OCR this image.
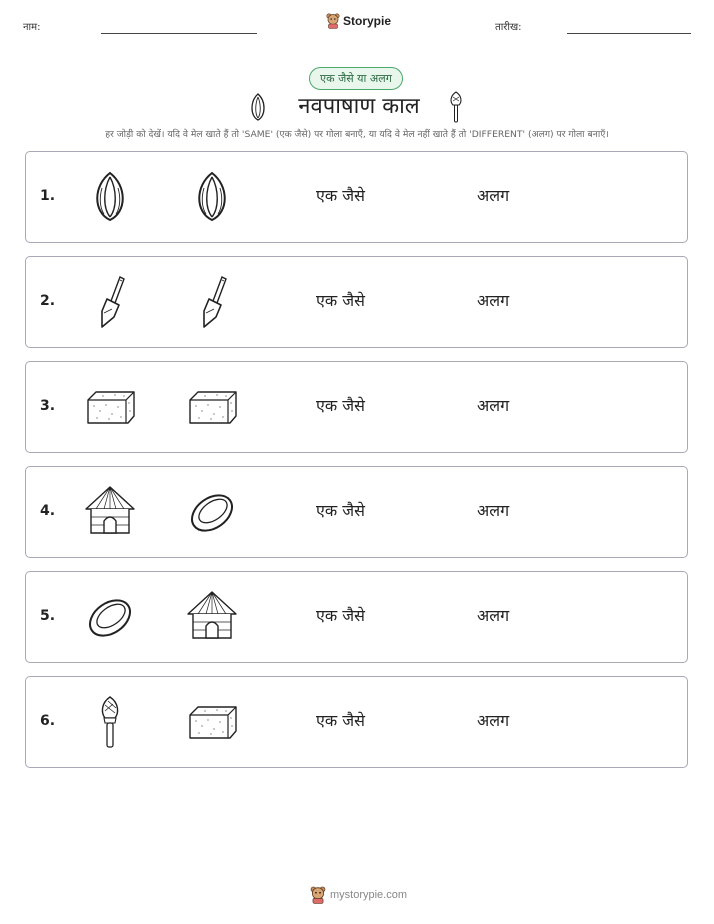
नाम:	Storypie	तारीख:
एक जैसे या अलग
नवपाषाण काल
हर जोड़ी को देखें। यदि वे मेल खाते हैं तो 'SAME' (एक जैसे) पर गोला बनाएँ, या यदि वे मेल नहीं खाते हैं तो 'DIFFERENT' (अलग) पर गोला बनाएँ।
1.	एक जैसे	अलग
2.	एक जैसे	अलग
3.	एक जैसे	अलग
4.	एक जैसे	अलग
5.	एक जैसे	अलग
6.	एक जैसे	अलग
mystorypie.com
